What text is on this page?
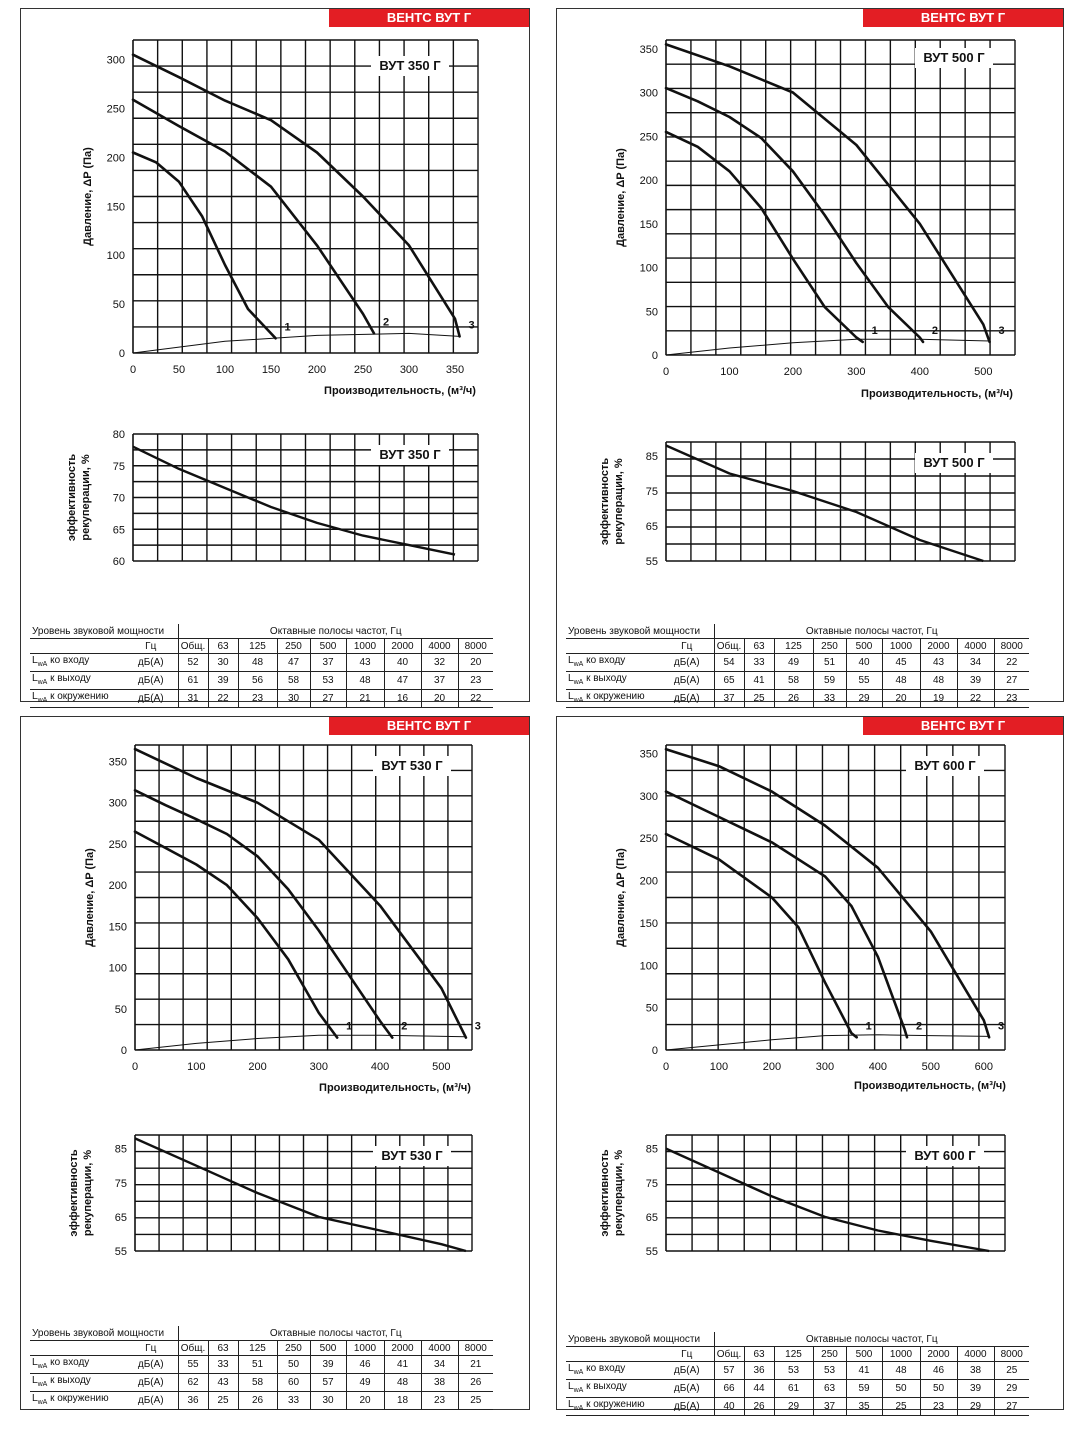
ВЕНТС ВУТ Г	ВЕНТС ВУТ Г
ВЕНТС ВУТ Г	ВЕНТС ВУТ Г
0
50
100
150
200
250
300
0	50	100	150	200	250	300	350
Давление, ΔP (Па)
Производительность, (м³/ч)
1	2	3
ВУТ 350 Г
60
65
70
75
80
эффективность рекуперации, %	ВУТ 350 Г
0
50
100
150
200
250
300
350
0	100	200	300	400	500
Давление, ΔP (Па)
Производительность, (м³/ч)
1	2	3
ВУТ 500 Г
55
65
75
85
эффективность рекуперации, %	ВУТ 500 Г
0
50
100
150
200
250
300
350
0	100	200	300	400	500
Давление, ΔP (Па)
Производительность, (м³/ч)
1	2	3
ВУТ 530 Г
55
65
75
85
эффективность рекуперации, %	ВУТ 530 Г
0
50
100
150
200
250
300
350
0	100	200	300	400	500	600
Давление, ΔP (Па)
Производительность, (м³/ч)
1	2	3
ВУТ 600 Г
55
65
75
85
эффективность рекуперации, %	ВУТ 600 Г
Уровень звуковой мощности		Октавные полосы частот, Гц								
	Гц	Общ.	63	125	250	500	1000	2000	4000	8000
$L_{wA}$ ко входу	дБ(А)	52	30	48	47	37	43	40	32	20
$L_{wA}$ к выходу	дБ(А)	61	39	56	58	53	48	47	37	23
$L_{wA}$ к окружению	дБ(А)	31	22	23	30	27	21	16	20	22
Уровень звуковой мощности		Октавные полосы частот, Гц								
	Гц	Общ.	63	125	250	500	1000	2000	4000	8000
$L_{wA}$ ко входу	дБ(А)	54	33	49	51	40	45	43	34	22
$L_{wA}$ к выходу	дБ(А)	65	41	58	59	55	48	48	39	27
$L_{wA}$ к окружению	дБ(А)	37	25	26	33	29	20	19	22	23
Уровень звуковой мощности		Октавные полосы частот, Гц								
	Гц	Общ.	63	125	250	500	1000	2000	4000	8000
$L_{wA}$ ко входу	дБ(А)	55	33	51	50	39	46	41	34	21
$L_{wA}$ к выходу	дБ(А)	62	43	58	60	57	49	48	38	26
$L_{wA}$ к окружению	дБ(А)	36	25	26	33	30	20	18	23	25
Уровень звуковой мощности		Октавные полосы частот, Гц								
	Гц	Общ.	63	125	250	500	1000	2000	4000	8000
$L_{wA}$ ко входу	дБ(А)	57	36	53	53	41	48	46	38	25
$L_{wA}$ к выходу	дБ(А)	66	44	61	63	59	50	50	39	29
$L_{wA}$ к окружению	дБ(А)	40	26	29	37	35	25	23	29	27
